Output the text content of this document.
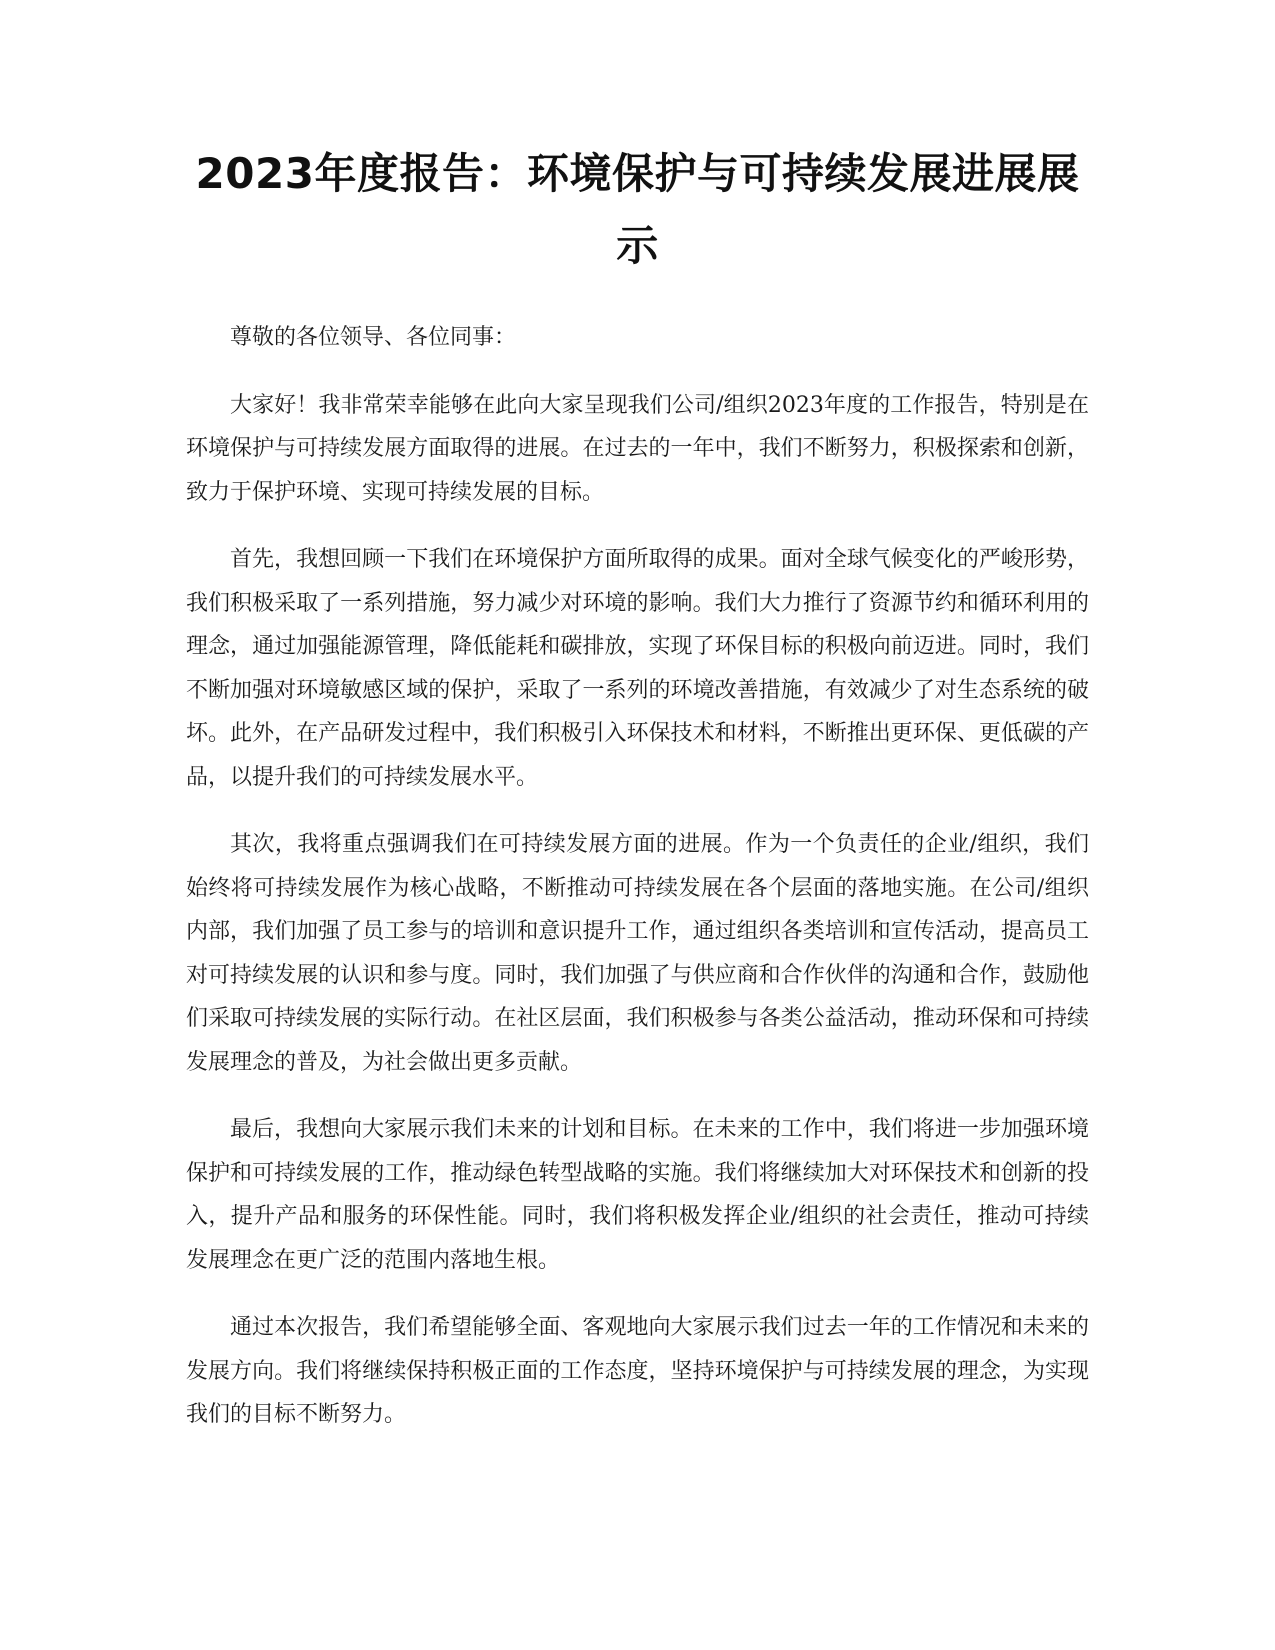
2023年度报告：环境保护与可持续发展进展展示

尊敬的各位领导、各位同事：

大家好！我非常荣幸能够在此向大家呈现我们公司/组织2023年度的工作报告，特别是在环境保护与可持续发展方面取得的进展。在过去的一年中，我们不断努力，积极探索和创新，致力于保护环境、实现可持续发展的目标。

首先，我想回顾一下我们在环境保护方面所取得的成果。面对全球气候变化的严峻形势，我们积极采取了一系列措施，努力减少对环境的影响。我们大力推行了资源节约和循环利用的理念，通过加强能源管理，降低能耗和碳排放，实现了环保目标的积极向前迈进。同时，我们不断加强对环境敏感区域的保护，采取了一系列的环境改善措施，有效减少了对生态系统的破坏。此外，在产品研发过程中，我们积极引入环保技术和材料，不断推出更环保、更低碳的产品，以提升我们的可持续发展水平。

其次，我将重点强调我们在可持续发展方面的进展。作为一个负责任的企业/组织，我们始终将可持续发展作为核心战略，不断推动可持续发展在各个层面的落地实施。在公司/组织内部，我们加强了员工参与的培训和意识提升工作，通过组织各类培训和宣传活动，提高员工对可持续发展的认识和参与度。同时，我们加强了与供应商和合作伙伴的沟通和合作，鼓励他们采取可持续发展的实际行动。在社区层面，我们积极参与各类公益活动，推动环保和可持续发展理念的普及，为社会做出更多贡献。

最后，我想向大家展示我们未来的计划和目标。在未来的工作中，我们将进一步加强环境保护和可持续发展的工作，推动绿色转型战略的实施。我们将继续加大对环保技术和创新的投入，提升产品和服务的环保性能。同时，我们将积极发挥企业/组织的社会责任，推动可持续发展理念在更广泛的范围内落地生根。

通过本次报告，我们希望能够全面、客观地向大家展示我们过去一年的工作情况和未来的发展方向。我们将继续保持积极正面的工作态度，坚持环境保护与可持续发展的理念，为实现我们的目标不断努力。
